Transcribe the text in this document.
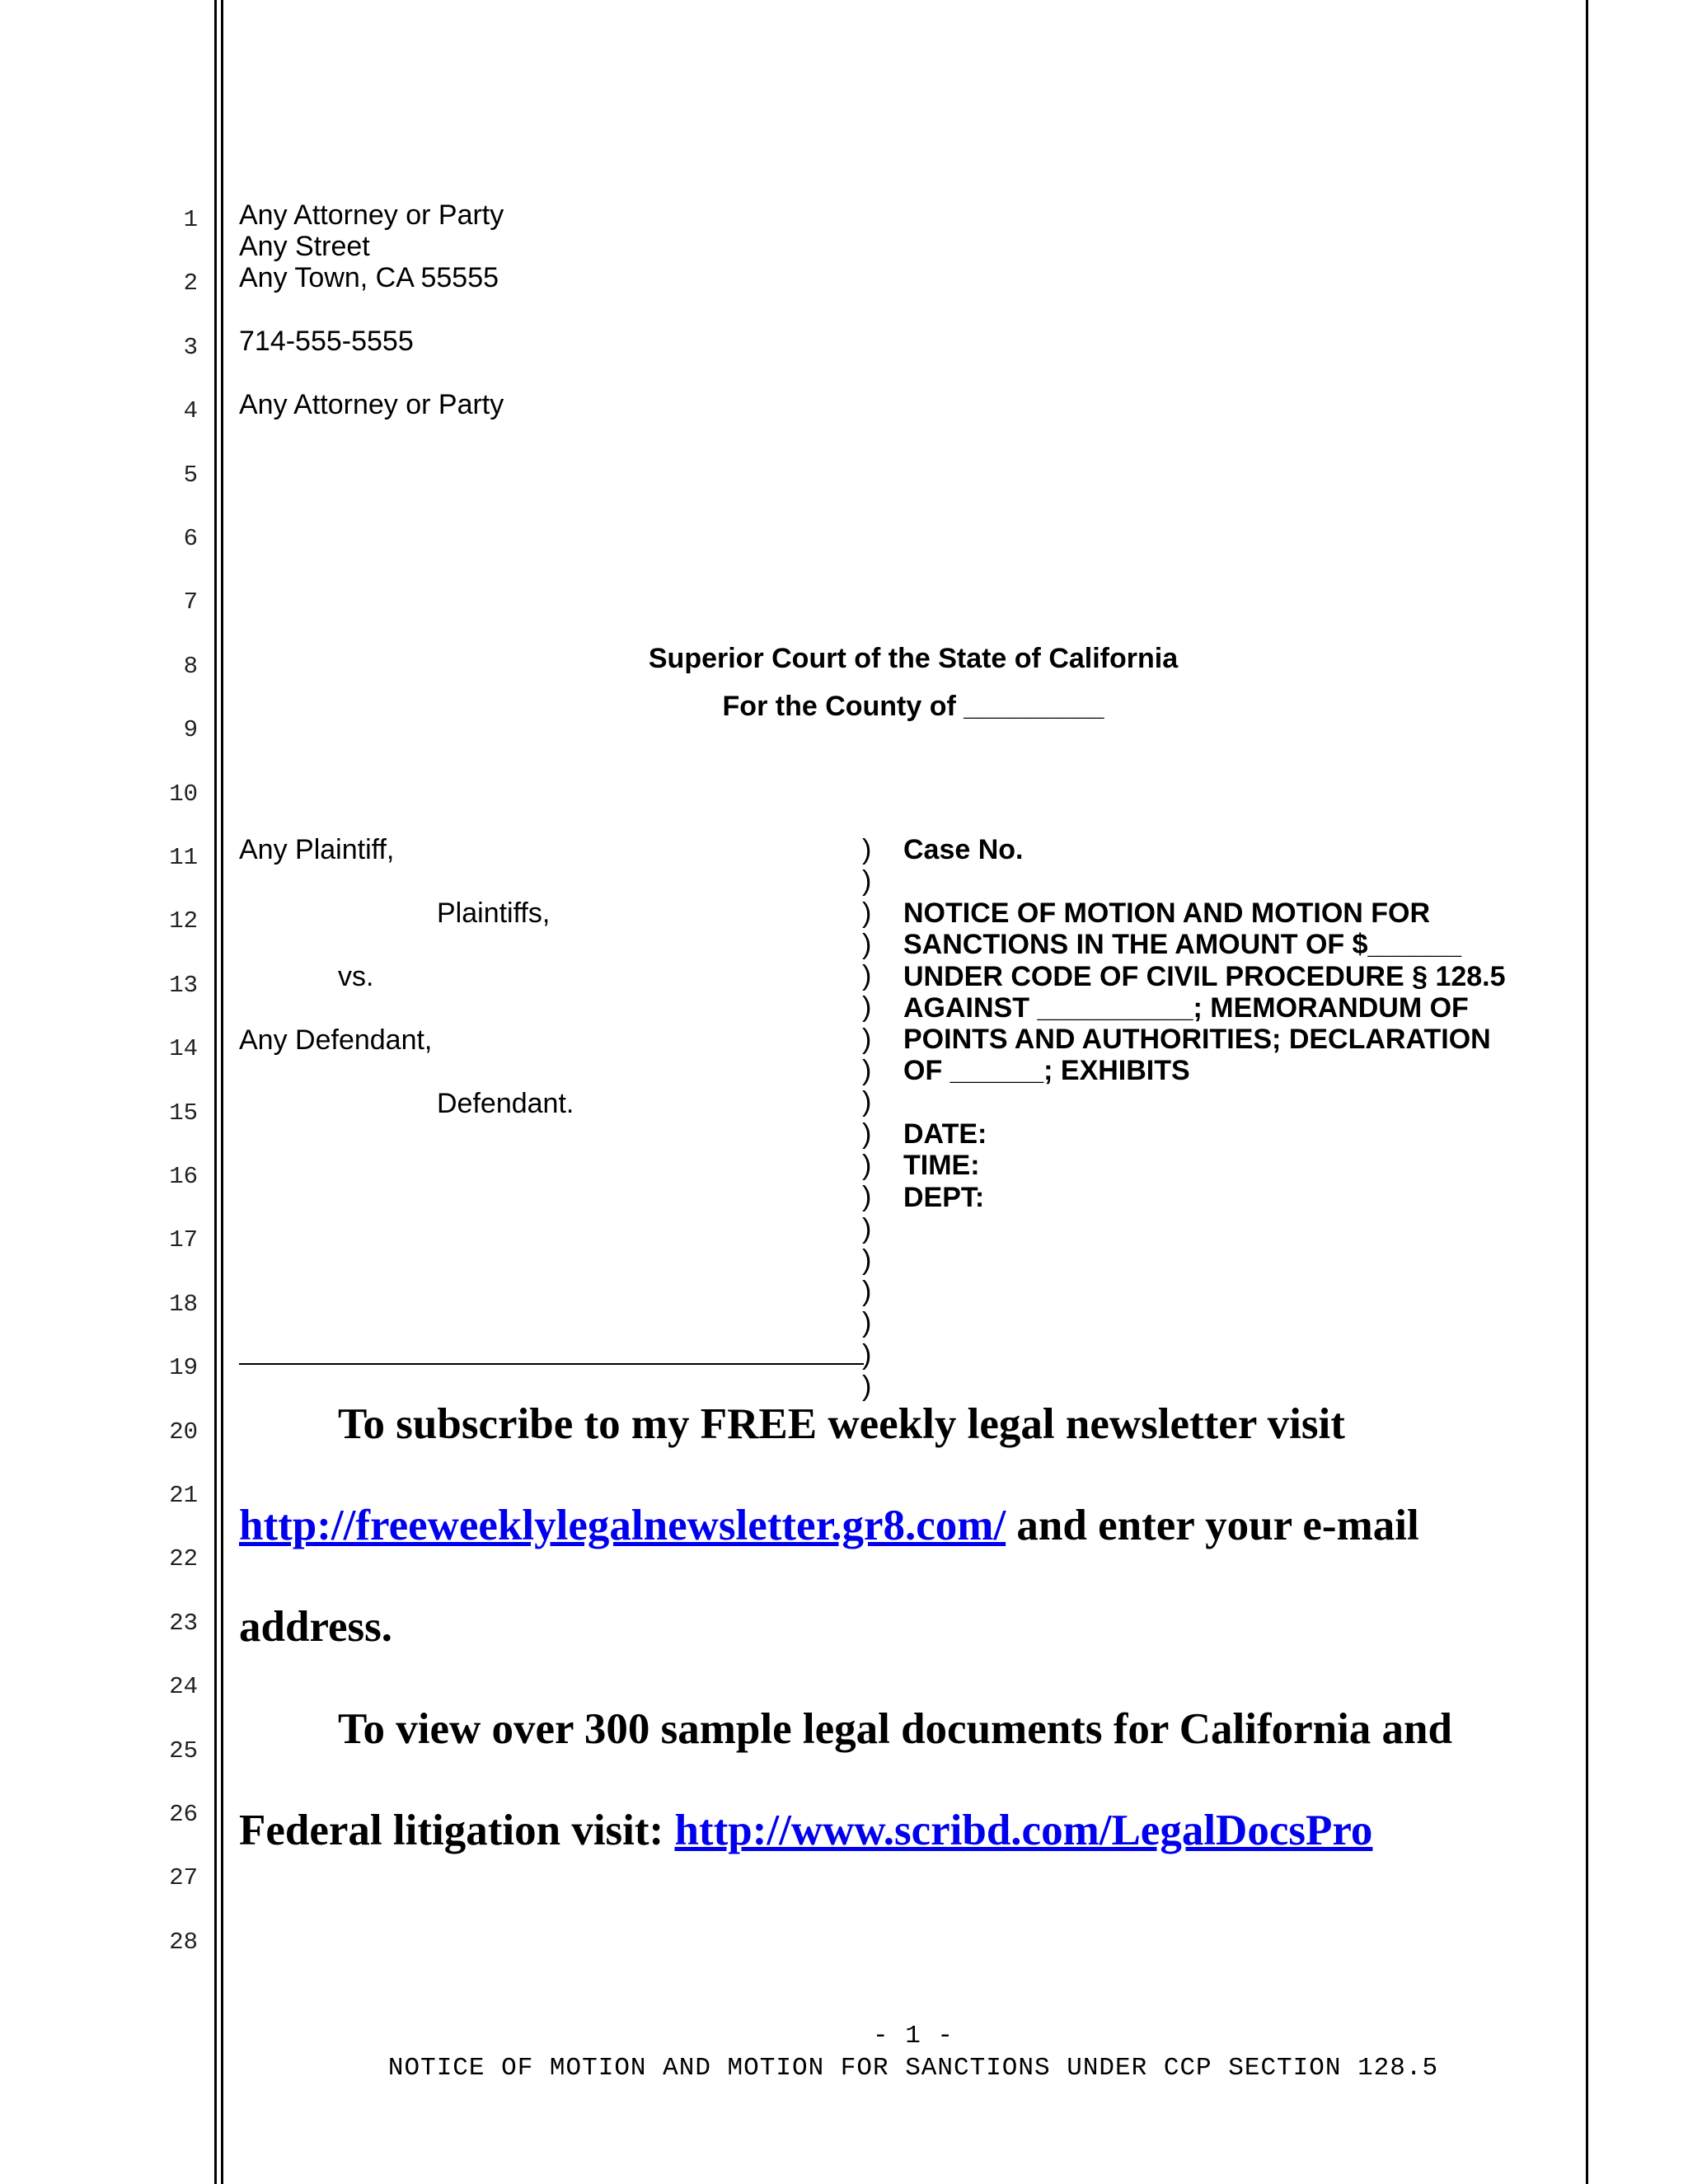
1
2
3
4
5
6
7
8
9
10
11
12
13
14
15
16
17
18
19
20
21
22
23
24
25
26
27
28
Any Attorney or Party
Any Street
Any Town, CA 55555
714-555-5555
Any Attorney or Party
Superior Court of the State of California
For the County of _________
Any Plaintiff,
Plaintiffs,
vs.
Any Defendant,
Defendant.
)
)
)
)
)
)
)
)
)
)
)
)
)
)
)
)
)
)
Case No.
NOTICE OF MOTION AND MOTION FOR
SANCTIONS IN THE AMOUNT OF $______
UNDER CODE OF CIVIL PROCEDURE § 128.5
AGAINST __________; MEMORANDUM OF
POINTS AND AUTHORITIES; DECLARATION
OF ______; EXHIBITS
DATE:
TIME:
DEPT:
To subscribe to my FREE weekly legal newsletter visit
http://freeweeklylegalnewsletter.gr8.com/ and enter your e-mail
address.
To view over 300 sample legal documents for California and
Federal litigation visit: http://www.scribd.com/LegalDocsPro
- 1 -
NOTICE OF MOTION AND MOTION FOR SANCTIONS UNDER CCP SECTION 128.5
